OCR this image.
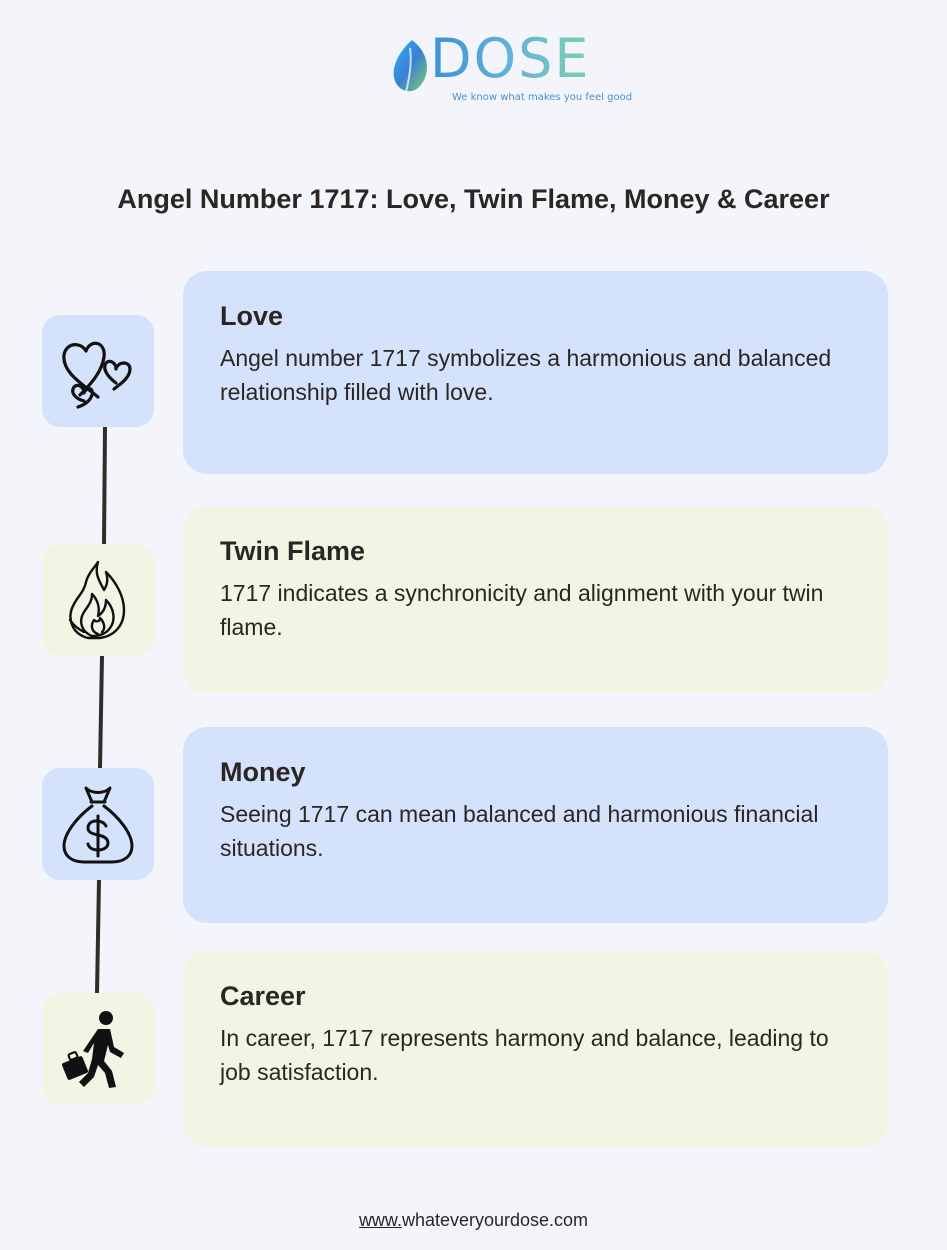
DOSE
We know what makes you feel good
Angel Number 1717: Love, Twin Flame, Money & Career
Love

Angel number 1717 symbolizes a harmonious and balanced relationship filled with love.

Twin Flame

1717 indicates a synchronicity and alignment with your twin flame.

Money

Seeing 1717 can mean balanced and harmonious financial situations.

Career

In career, 1717 represents harmony and balance, leading to job satisfaction.

www.whateveryourdose.com
